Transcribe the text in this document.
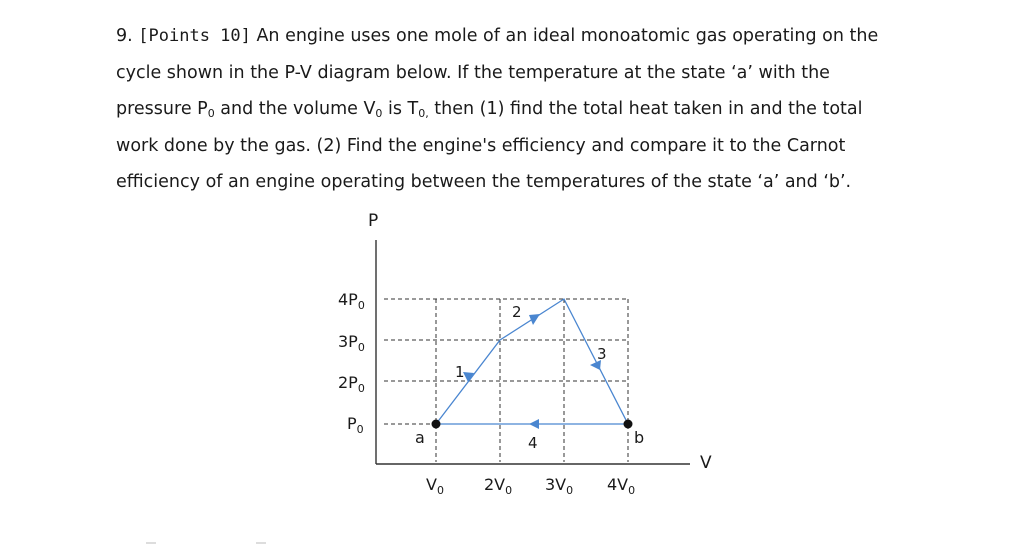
9. [Points 10] An engine uses one mole of an ideal monoatomic gas operating on the
cycle shown in the P-V diagram below. If the temperature at the state ‘a’ with the
pressure $P_0$ and the volume $V_0$ is $T_{0,}$ then (1) find the total heat taken in and the total
work done by the gas. (2) Find the engine's efficiency and compare it to the Carnot
efficiency of an engine operating between the temperatures of the state ‘a’ and ‘b’.
P
V
$4P_0$
$3P_0$
$2P_0$
$P_0$
$V_0$	$2V_0$ $3V_0$ $4V_0$
1
2
3
4
a	b
